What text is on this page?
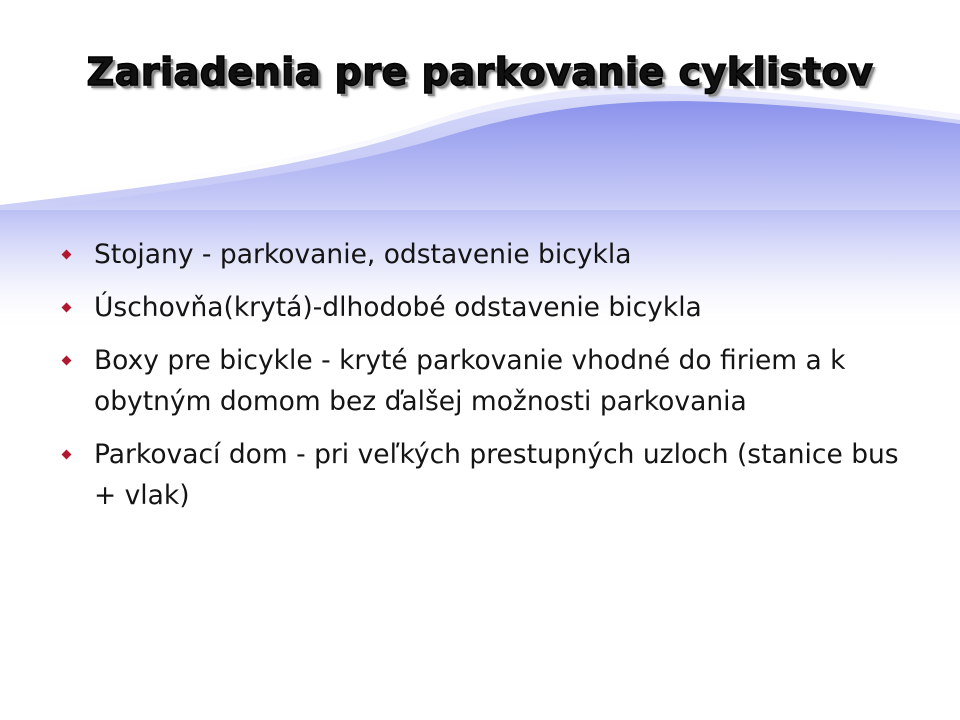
Zariadenia pre parkovanie cyklistov
Stojany - parkovanie, odstavenie bicykla
Úschovňa(krytá)-dlhodobé odstavenie bicykla
Boxy pre bicykle - kryté parkovanie vhodné do firiem a k obytným domom bez ďalšej možnosti parkovania
Parkovací dom - pri veľkých prestupných uzloch (stanice bus + vlak)
